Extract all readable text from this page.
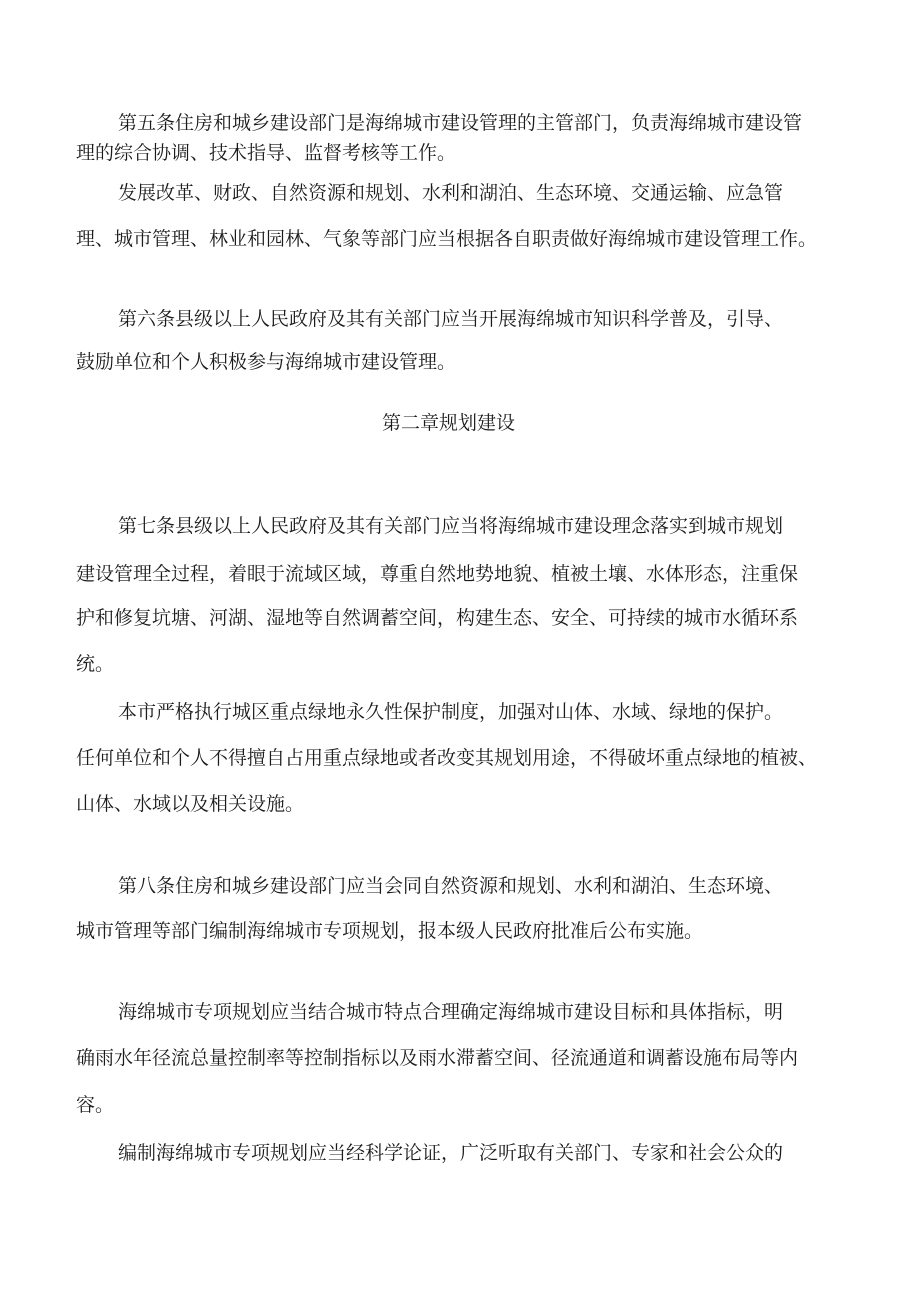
第五条住房和城乡建设部门是海绵城市建设管理的主管部门，负责海绵城市建设管
理的综合协调、技术指导、监督考核等工作。
发展改革、财政、自然资源和规划、水利和湖泊、生态环境、交通运输、应急管
理、城市管理、林业和园林、气象等部门应当根据各自职责做好海绵城市建设管理工作。
第六条县级以上人民政府及其有关部门应当开展海绵城市知识科学普及，引导、
鼓励单位和个人积极参与海绵城市建设管理。
第二章规划建设
第七条县级以上人民政府及其有关部门应当将海绵城市建设理念落实到城市规划
建设管理全过程，着眼于流域区域，尊重自然地势地貌、植被土壤、水体形态，注重保
护和修复坑塘、河湖、湿地等自然调蓄空间，构建生态、安全、可持续的城市水循环系
统。
本市严格执行城区重点绿地永久性保护制度，加强对山体、水域、绿地的保护。
任何单位和个人不得擅自占用重点绿地或者改变其规划用途，不得破坏重点绿地的植被、
山体、水域以及相关设施。
第八条住房和城乡建设部门应当会同自然资源和规划、水利和湖泊、生态环境、
城市管理等部门编制海绵城市专项规划，报本级人民政府批准后公布实施。
海绵城市专项规划应当结合城市特点合理确定海绵城市建设目标和具体指标，明
确雨水年径流总量控制率等控制指标以及雨水滞蓄空间、径流通道和调蓄设施布局等内
容。
编制海绵城市专项规划应当经科学论证，广泛听取有关部门、专家和社会公众的
